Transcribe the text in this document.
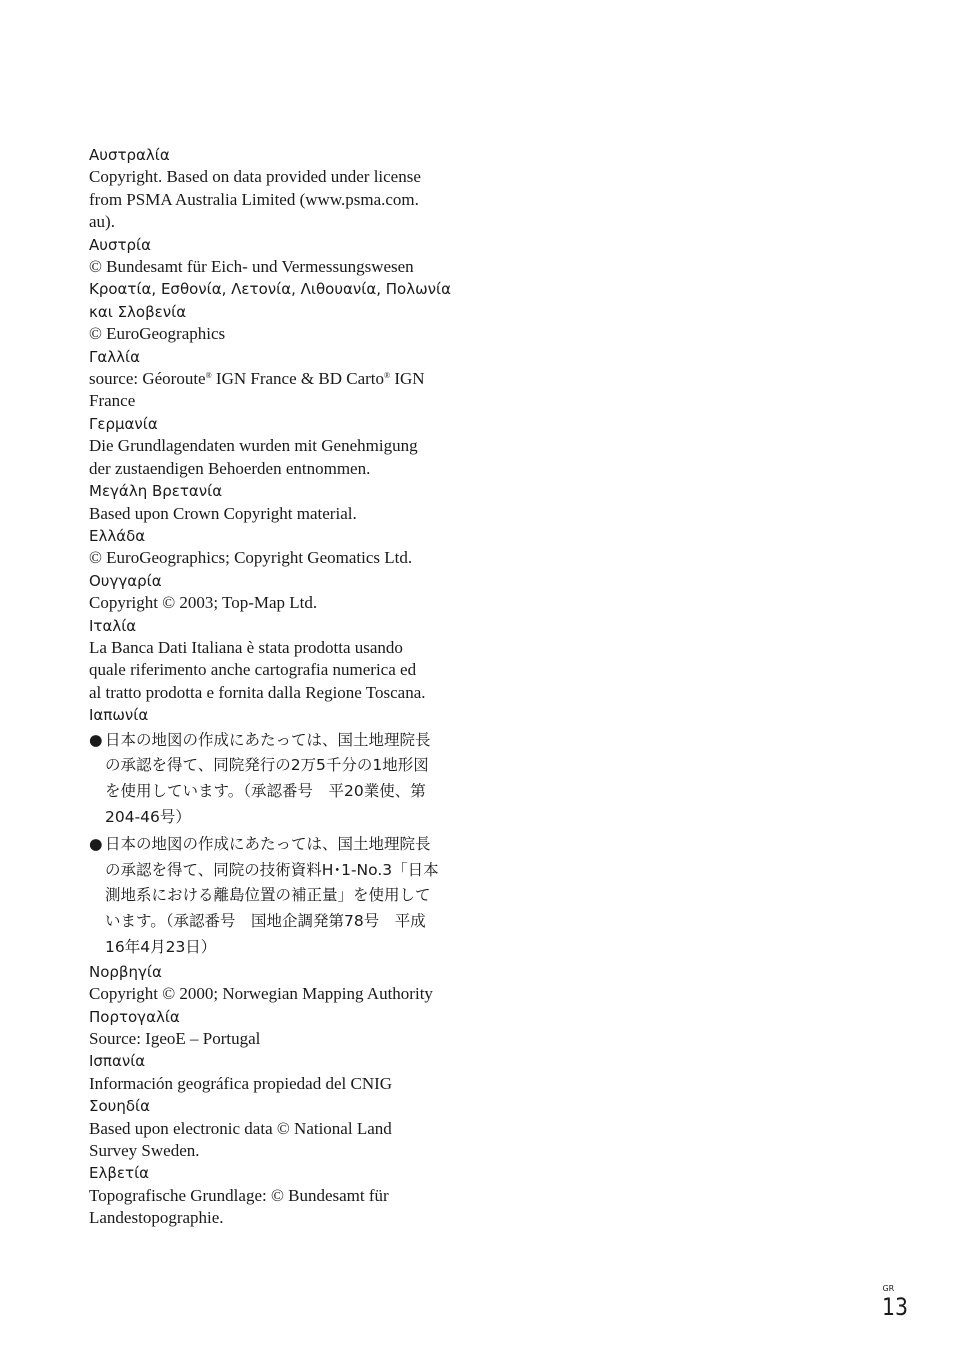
Αυστραλία
Copyright. Based on data provided under license
from PSMA Australia Limited (www.psma.com.
au).
Αυστρία
© Bundesamt für Eich- und Vermessungswesen
Κροατία, Εσθονία, Λετονία, Λιθουανία, Πολωνία
και Σλοβενία
© EuroGeographics
Γαλλία
source: Géoroute® IGN France & BD Carto® IGN
France
Γερμανία
Die Grundlagendaten wurden mit Genehmigung
der zustaendigen Behoerden entnommen.
Μεγάλη Βρετανία
Based upon Crown Copyright material.
Ελλάδα
© EuroGeographics; Copyright Geomatics Ltd.
Ουγγαρία
Copyright © 2003; Top-Map Ltd.
Ιταλία
La Banca Dati Italiana è stata prodotta usando
quale riferimento anche cartografia numerica ed
al tratto prodotta e fornita dalla Regione Toscana.
Ιαπωνία
● 日本の地図の作成にあたっては、国土地理院長
の承認を得て、同院発行の2万5千分の1地形図
を使用しています。（承認番号　平20業使、第
204-46号）
● 日本の地図の作成にあたっては、国土地理院長
の承認を得て、同院の技術資料H･1-No.3「日本
測地系における離島位置の補正量」を使用して
います。（承認番号　国地企調発第78号　平成
16年4月23日）
Νορβηγία
Copyright © 2000; Norwegian Mapping Authority
Πορτογαλία
Source: IgeoE – Portugal
Ισπανία
Información geográfica propiedad del CNIG
Σουηδία
Based upon electronic data © National Land
Survey Sweden.
Ελβετία
Topografische Grundlage: © Bundesamt für
Landestopographie.
GR
13
